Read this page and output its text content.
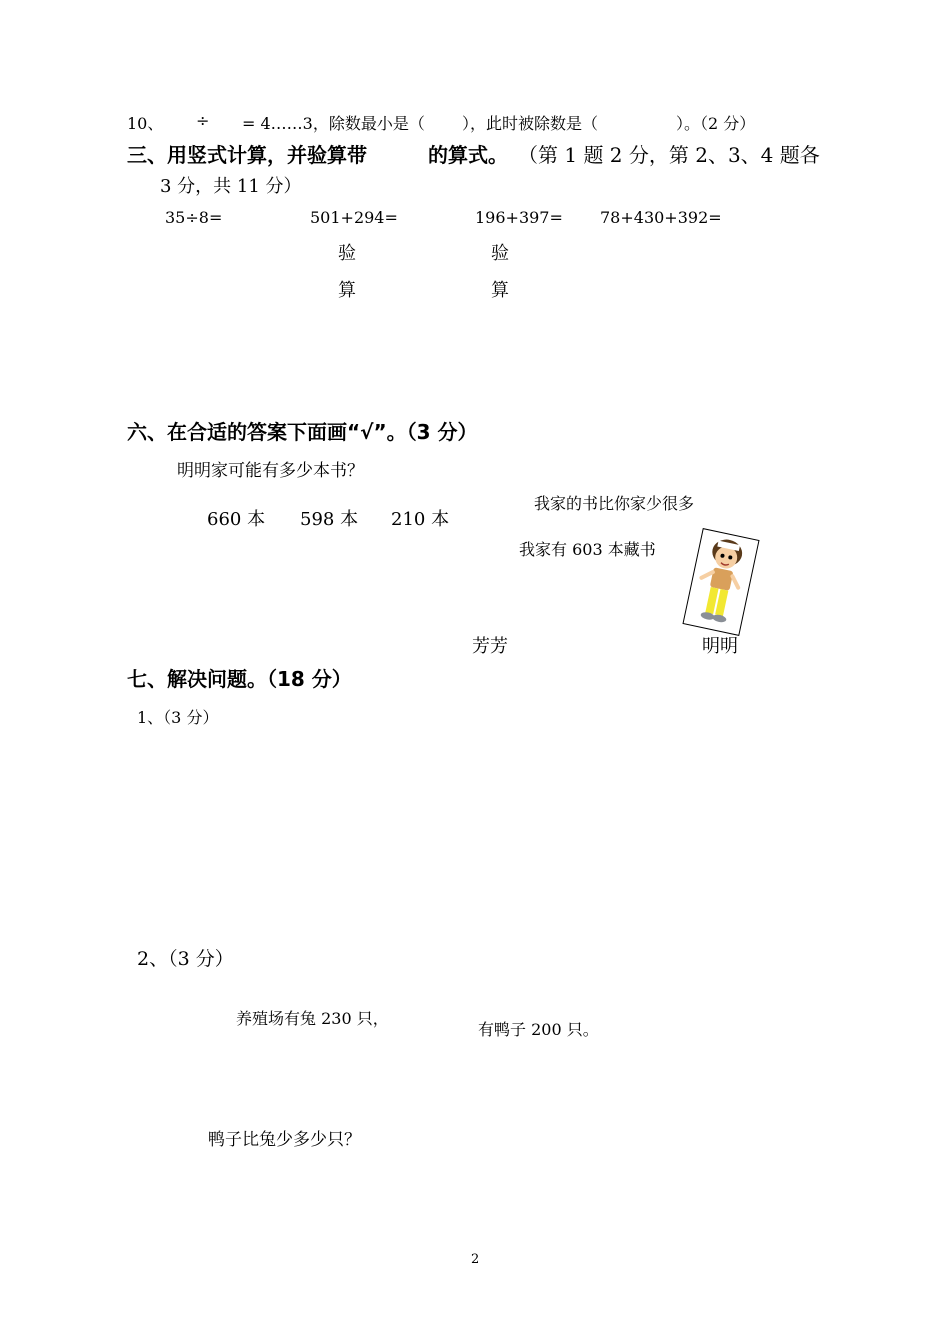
10、 ÷ = 4……3，除数最小是（ ），此时被除数是（	）。（2 分）
三、用竖式计算，并验算带	的算式。 （第 1 题 2 分，第 2、3、4 题各
3 分，共 11 分）
35÷8=	501+294=	196+397= 78+430+392=
验
算
验
算
六、在合适的答案下面画“√”。（3 分）
明明家可能有多少本书？
660 本 598 本 210 本
我家的书比你家少很多
我家有 603 本藏书
芳芳	明明
七、解决问题。（18 分）
1、（3 分）
2、（3 分）
养殖场有兔 230 只，
有鸭子 200 只。
鸭子比兔少多少只？
2
